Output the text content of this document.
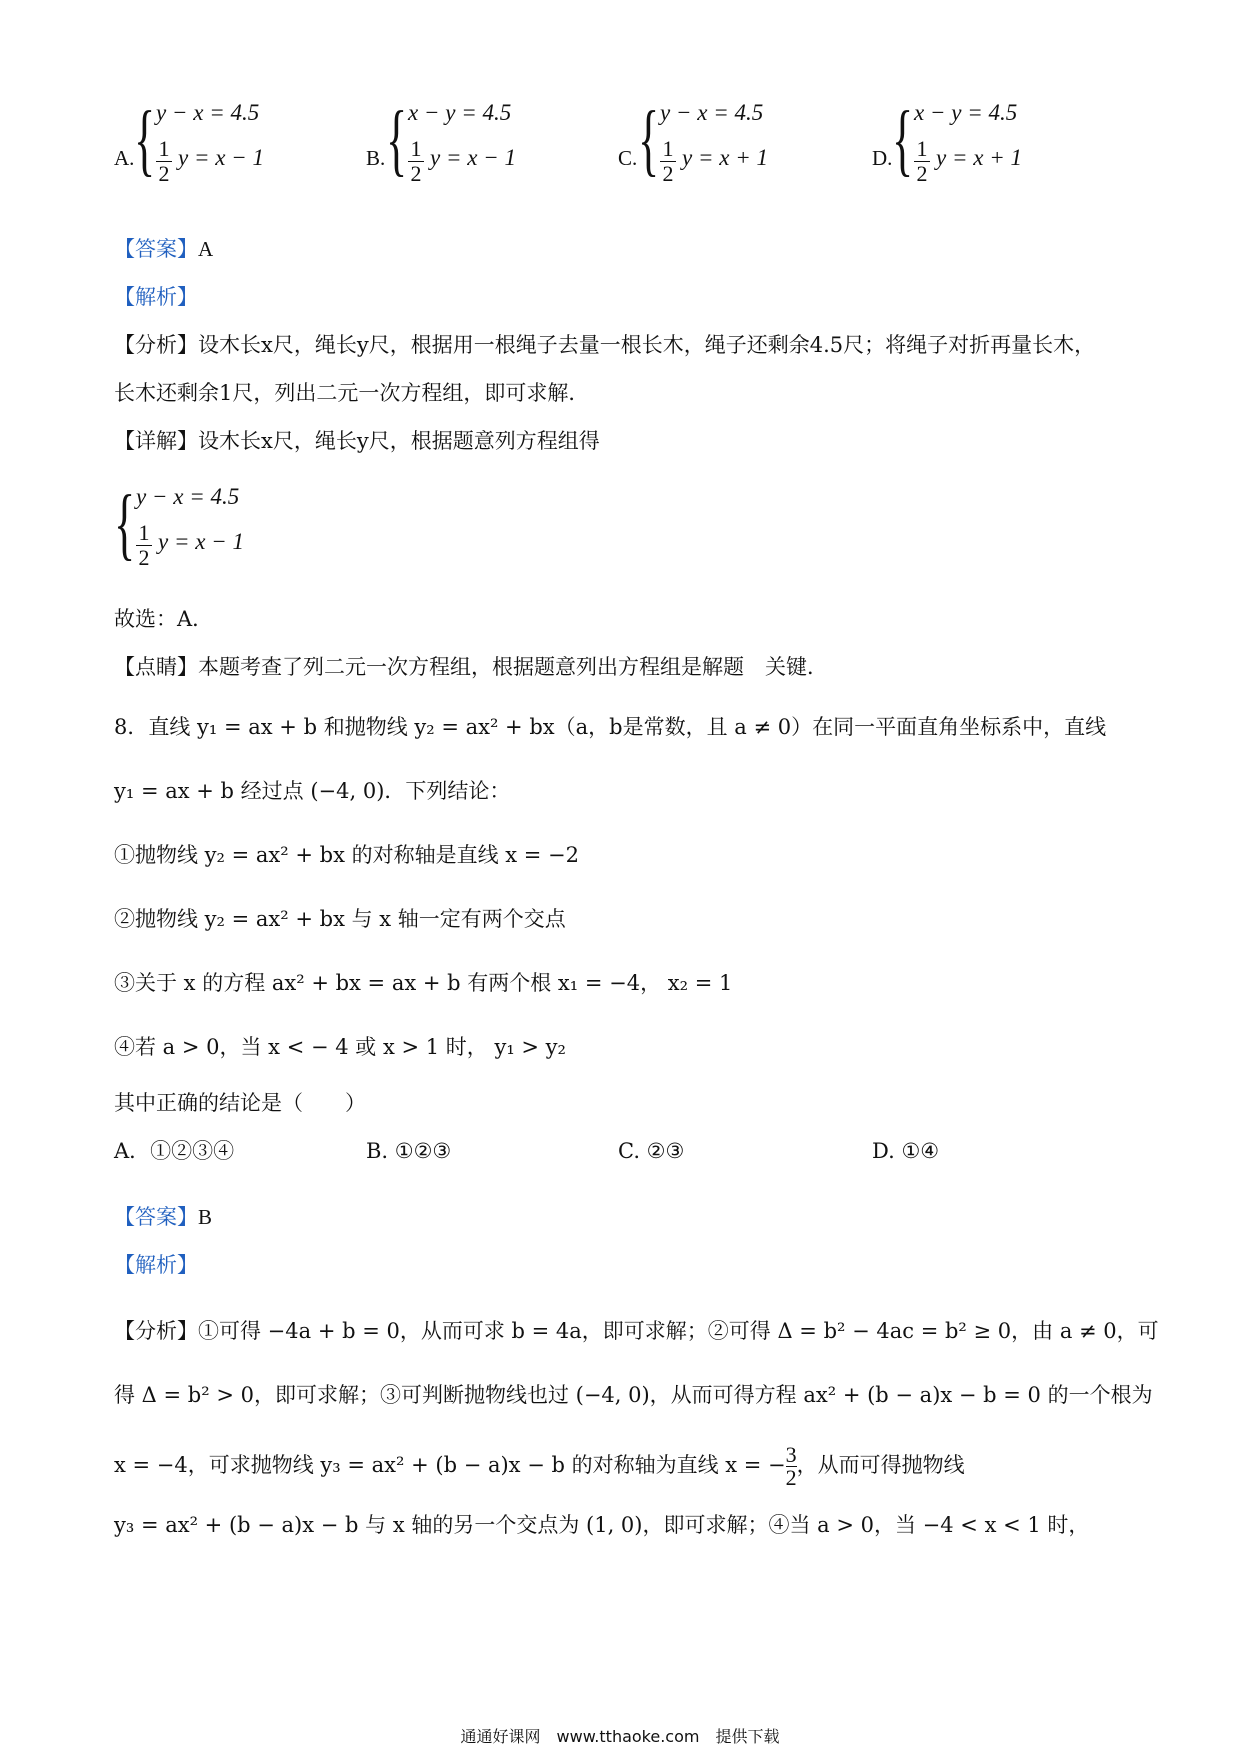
A. { y − x = 4.5
1
2
y = x − 1	B. { x − y = 4.5
1
2
y = x − 1	C. { y − x = 4.5
1
2
y = x + 1	D. { x − y = 4.5
1
2
y = x + 1
【答案】A
【解析】
【分析】设木长x尺，绳长y尺，根据用一根绳子去量一根长木，绳子还剩余4.5尺；将绳子对折再量长木，
长木还剩余1尺，列出二元一次方程组，即可求解．
【详解】设木长x尺，绳长y尺，根据题意列方程组得
{ y − x = 4.5
1
2
y = x − 1
故选：A．
【点睛】本题考查了列二元一次方程组，根据题意列出方程组是解题　关键．
8．直线 y₁ = ax + b 和抛物线 y₂ = ax² + bx（a，b是常数，且 a ≠ 0）在同一平面直角坐标系中，直线
y₁ = ax + b 经过点 (−4, 0)．下列结论：
①抛物线 y₂ = ax² + bx 的对称轴是直线 x = −2
②抛物线 y₂ = ax² + bx 与 x 轴一定有两个交点
③关于 x 的方程 ax² + bx = ax + b 有两个根 x₁ = −4， x₂ = 1
④若 a > 0，当 x < − 4 或 x > 1 时， y₁ > y₂
其中正确的结论是（　　）
A．①②③④	B. ①②③	C. ②③	D. ①④
【答案】B
【解析】
【分析】①可得 −4a + b = 0，从而可求 b = 4a，即可求解；②可得 Δ = b² − 4ac = b² ≥ 0，由 a ≠ 0，可
得 Δ = b² > 0，即可求解；③可判断抛物线也过 (−4, 0)，从而可得方程 ax² + (b − a)x − b = 0 的一个根为
x = −4，可求抛物线 y₃ = ax² + (b − a)x − b 的对称轴为直线 $x = -\frac{3}{2}$，从而可得抛物线
y₃ = ax² + (b − a)x − b 与 x 轴的另一个交点为 (1, 0)，即可求解；④当 a > 0，当 −4 < x < 1 时，
通通好课网　www.tthaoke.com　提供下载
